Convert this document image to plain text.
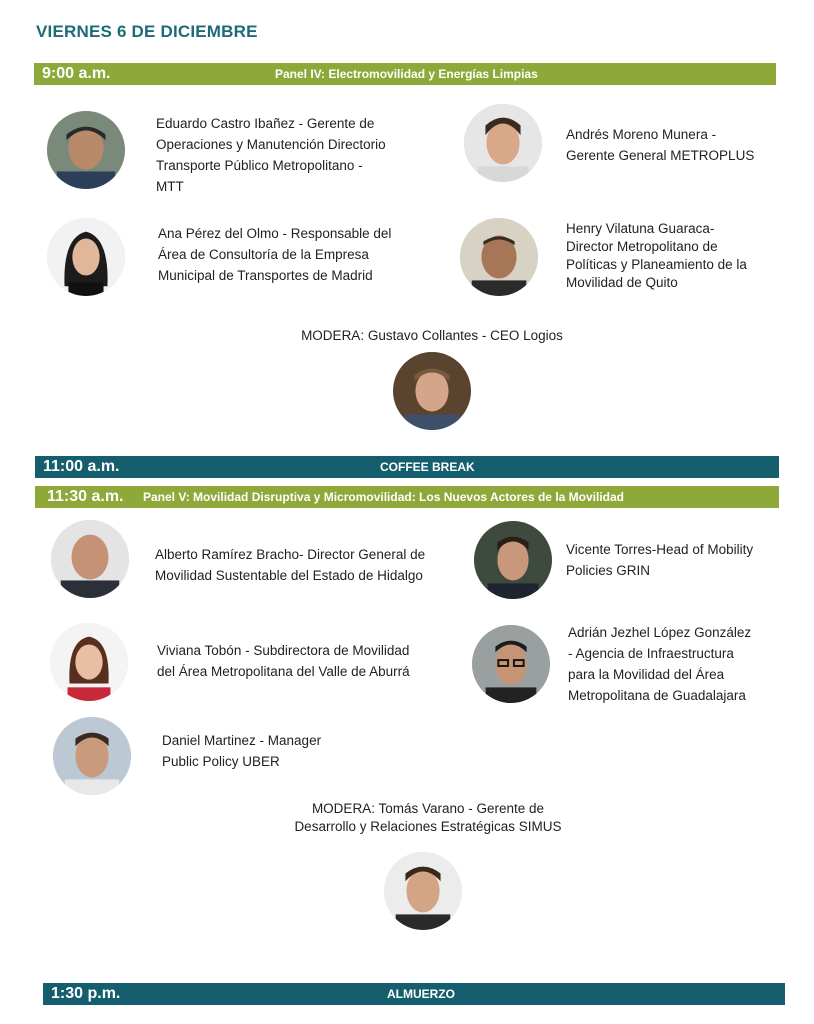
VIERNES 6 DE DICIEMBRE
9:00 a.m.	Panel IV: Electromovilidad y Energías Limpias
Eduardo Castro Ibañez - Gerente de
Operaciones y Manutención Directorio
Transporte Público Metropolitano -
MTT
Andrés Moreno Munera -
Gerente General METROPLUS
Ana Pérez del Olmo - Responsable del
Área de Consultoría de la Empresa
Municipal de Transportes de Madrid
Henry Vilatuna Guaraca-
Director Metropolitano de
Políticas y Planeamiento de la
Movilidad de Quito
MODERA: Gustavo Collantes - CEO Logios
11:00 a.m.	COFFEE BREAK
11:30 a.m. Panel V: Movilidad Disruptiva y Micromovilidad: Los Nuevos Actores de la Movilidad
Alberto Ramírez Bracho- Director General de
Movilidad Sustentable del Estado de Hidalgo
Vicente Torres-Head of Mobility
Policies GRIN
Viviana Tobón - Subdirectora de Movilidad
del Área Metropolitana del Valle de Aburrá
Adrián Jezhel López González
- Agencia de Infraestructura
para la Movilidad del Área
Metropolitana de Guadalajara
Daniel Martinez - Manager
Public Policy UBER
MODERA: Tomás Varano - Gerente de
Desarrollo y Relaciones Estratégicas SIMUS
1:30 p.m.	ALMUERZO
